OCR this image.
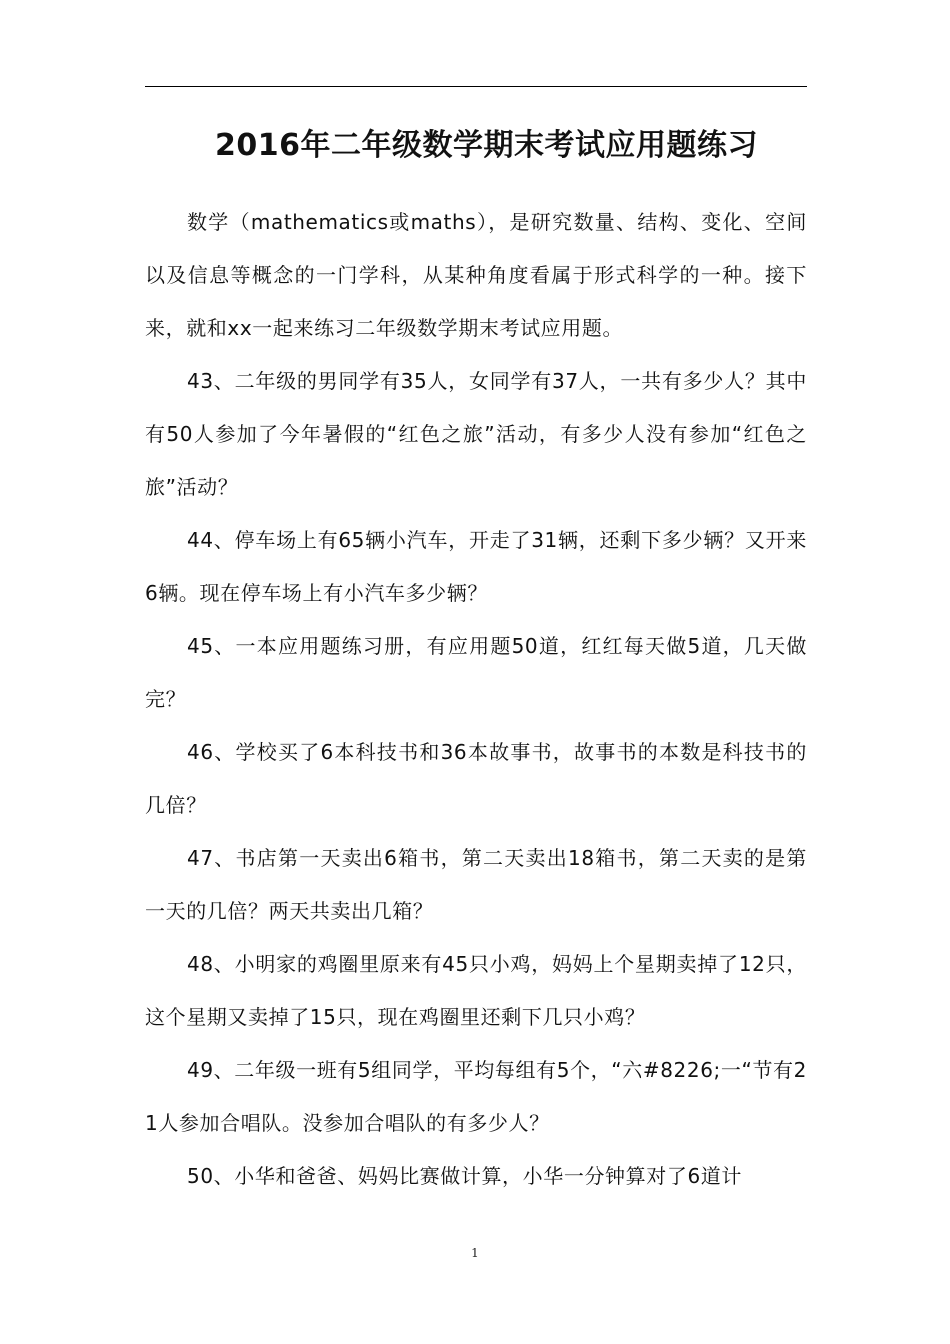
2016年二年级数学期末考试应用题练习

数学（mathematics或maths），是研究数量、结构、变化、空间以及信息等概念的一门学科，从某种角度看属于形式科学的一种。接下来，就和xx一起来练习二年级数学期末考试应用题。

43、二年级的男同学有35人，女同学有37人，一共有多少人？其中有50人参加了今年暑假的“红色之旅”活动，有多少人没有参加“红色之旅”活动？

44、停车场上有65辆小汽车，开走了31辆，还剩下多少辆？又开来6辆。现在停车场上有小汽车多少辆？

45、一本应用题练习册，有应用题50道，红红每天做5道，几天做完？

46、学校买了6本科技书和36本故事书，故事书的本数是科技书的几倍？

47、书店第一天卖出6箱书，第二天卖出18箱书，第二天卖的是第一天的几倍？两天共卖出几箱？

48、小明家的鸡圈里原来有45只小鸡，妈妈上个星期卖掉了12只，这个星期又卖掉了15只，现在鸡圈里还剩下几只小鸡？

49、二年级一班有5组同学，平均每组有5个，“六#8226;一“节有21人参加合唱队。没参加合唱队的有多少人？

50、小华和爸爸、妈妈比赛做计算，小华一分钟算对了6道计

1
